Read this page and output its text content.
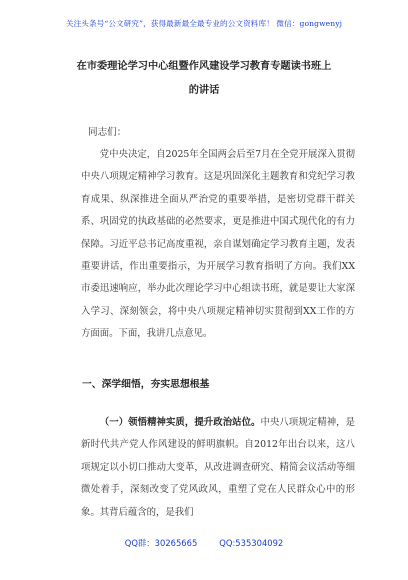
关注头条号“公文研究”，获得最新最全最专业的公文资料库！ 微信：gongwenyj
在市委理论学习中心组暨作风建设学习教育专题读书班上
的讲话
同志们：
党中央决定，自2025年全国两会后至7月在全党开展深入贯彻中央八项规定精神学习教育。这是巩固深化主题教育和党纪学习教育成果、纵深推进全面从严治党的重要举措，是密切党群干群关系、巩固党的执政基础的必然要求，更是推进中国式现代化的有力保障。习近平总书记高度重视，亲自谋划确定学习教育主题，发表重要讲话，作出重要指示，为开展学习教育指明了方向。我们XX市委迅速响应，举办此次理论学习中心组读书班，就是要让大家深入学习、深刻领会，将中央八项规定精神切实贯彻到XX工作的方方面面。下面，我讲几点意见。
一、深学细悟，夯实思想根基
（一）领悟精神实质，提升政治站位。中央八项规定精神，是新时代共产党人作风建设的鲜明旗帜。自2012年出台以来，这八项规定以小切口推动大变革，从改进调查研究、精简会议活动等细微处着手，深刻改变了党风政风，重塑了党在人民群众心中的形象。其背后蕴含的，是我们
QQ群：30265665	QQ:535304092
